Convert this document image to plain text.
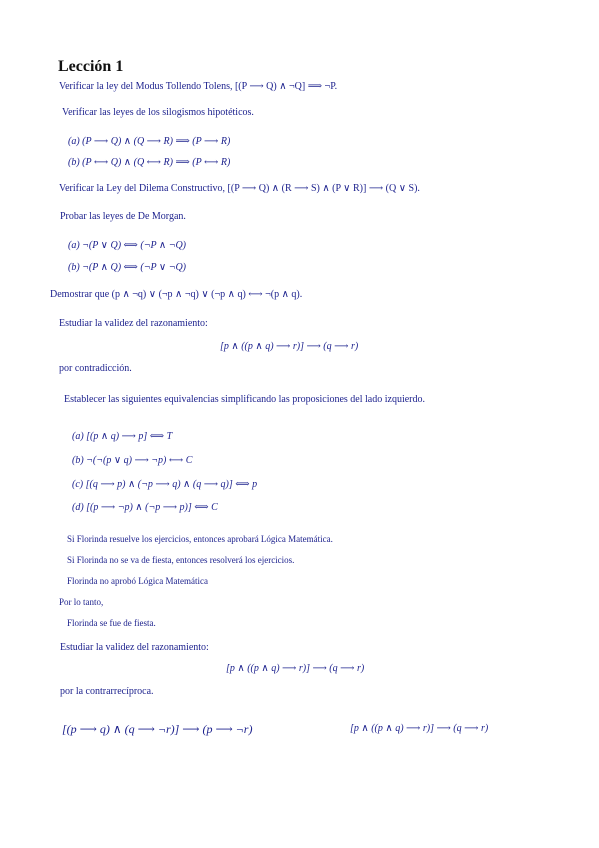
Lección 1
Verificar la ley del Modus Tollendo Tolens, [(P ⟶ Q) ∧ ¬Q] ⟹ ¬P.
Verificar las leyes de los silogismos hipotéticos.
(a) (P ⟶ Q) ∧ (Q ⟶ R) ⟹ (P ⟶ R)
(b) (P ⟷ Q) ∧ (Q ⟷ R) ⟹ (P ⟷ R)
Verificar la Ley del Dilema Constructivo, [(P ⟶ Q) ∧ (R ⟶ S) ∧ (P ∨ R)] ⟶ (Q ∨ S).
Probar las leyes de De Morgan.
(a) ¬(P ∨ Q) ⟺ (¬P ∧ ¬Q)
(b) ¬(P ∧ Q) ⟺ (¬P ∨ ¬Q)
Demostrar que (p ∧ ¬q) ∨ (¬p ∧ ¬q) ∨ (¬p ∧ q) ⟷ ¬(p ∧ q).
Estudiar la validez del razonamiento:
[p ∧ ((p ∧ q) ⟶ r)] ⟶ (q ⟶ r)
por contradicción.
Establecer las siguientes equivalencias simplificando las proposiciones del lado izquierdo.
(a) [(p ∧ q) ⟶ p] ⟺ T
(b) ¬(¬(p ∨ q) ⟶ ¬p) ⟷ C
(c) [(q ⟶ p) ∧ (¬p ⟶ q) ∧ (q ⟶ q)] ⟺ p
(d) [(p ⟶ ¬p) ∧ (¬p ⟶ p)] ⟺ C
Si Florinda resuelve los ejercicios, entonces aprobará Lógica Matemática.
Si Florinda no se va de fiesta, entonces resolverá los ejercicios.
Florinda no aprobó Lógica Matemática
Por lo tanto,
Florinda se fue de fiesta.
Estudiar la validez del razonamiento:
[p ∧ ((p ∧ q) ⟶ r)] ⟶ (q ⟶ r)
por la contrarrecíproca.
[(p ⟶ q) ∧ (q ⟶ ¬r)] ⟶ (p ⟶ ¬r)	[p ∧ ((p ∧ q) ⟶ r)] ⟶ (q ⟶ r)
